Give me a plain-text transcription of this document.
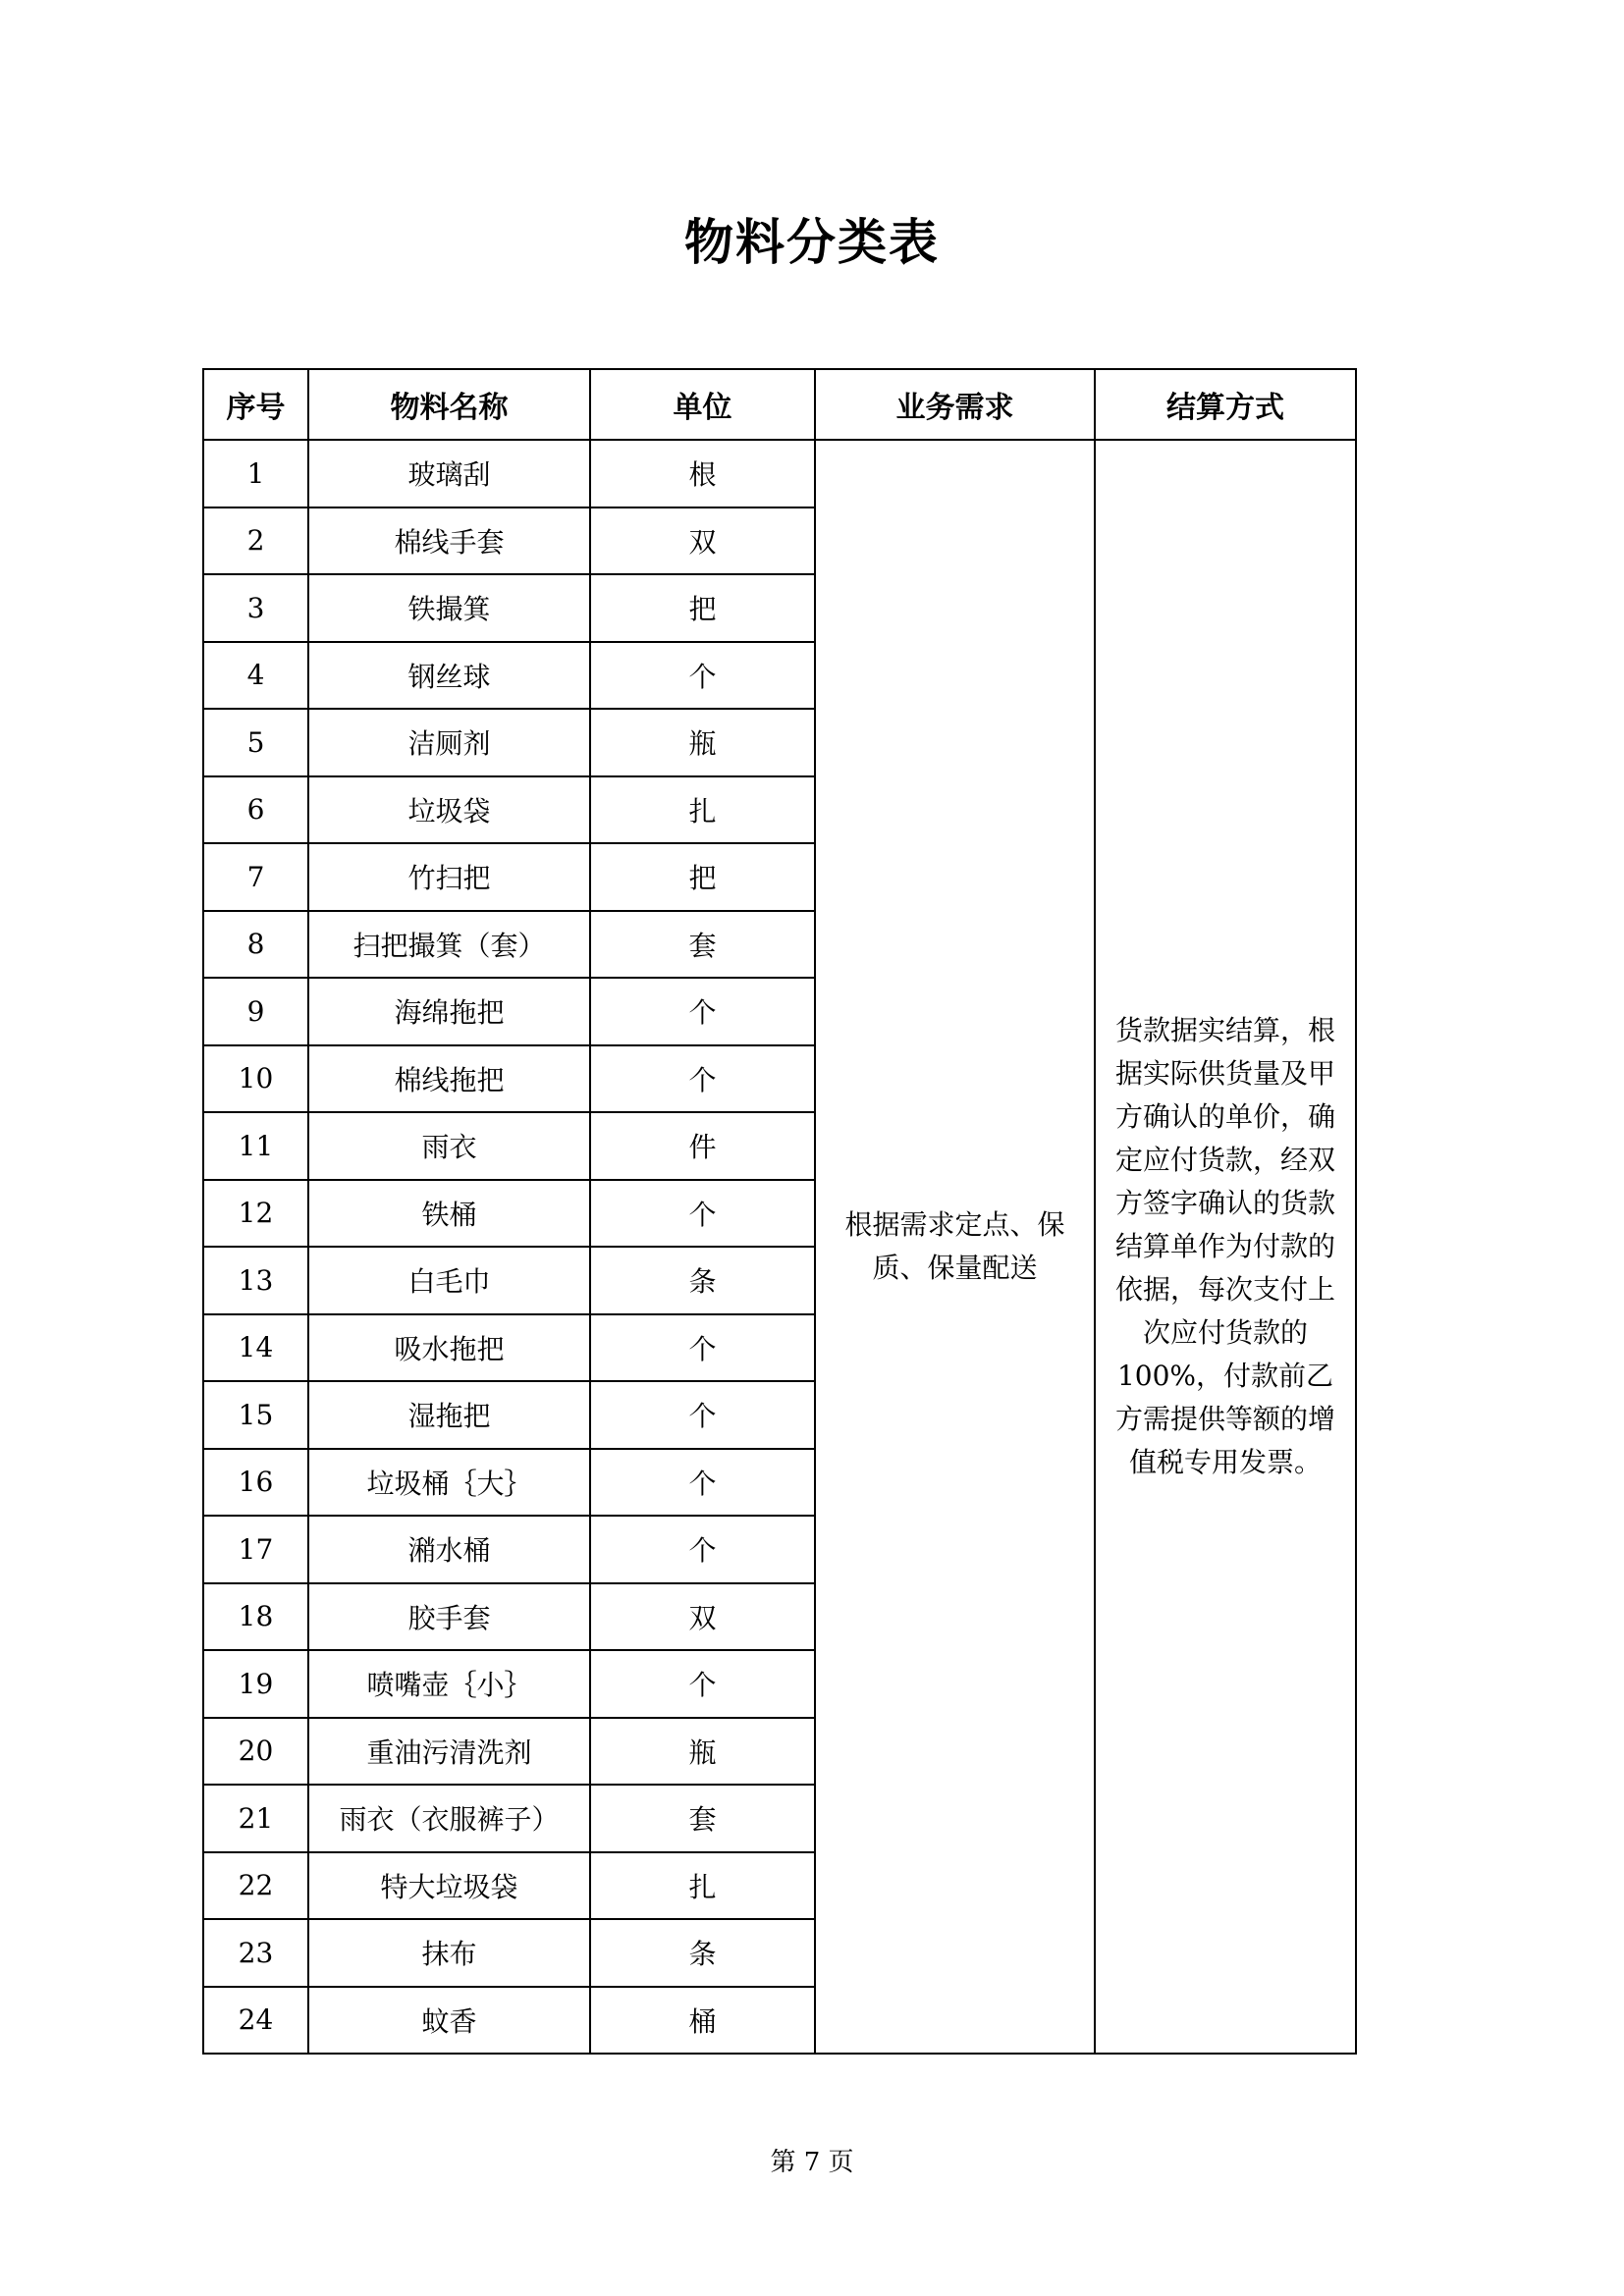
物料分类表
序号	物料名称	单位	业务需求	结算方式
1	玻璃刮	根	根据需求定点、保质、保量配送	货款据实结算，根据实际供货量及甲方确认的单价，确定应付货款，经双方签字确认的货款结算单作为付款的依据，每次支付上次应付货款的100%，付款前乙方需提供等额的增值税专用发票。
2	棉线手套	双		
3	铁撮箕	把		
4	钢丝球	个		
5	洁厕剂	瓶		
6	垃圾袋	扎		
7	竹扫把	把		
8	扫把撮箕（套）	套		
9	海绵拖把	个		
10	棉线拖把	个		
11	雨衣	件		
12	铁桶	个		
13	白毛巾	条		
14	吸水拖把	个		
15	湿拖把	个		
16	垃圾桶｛大｝	个		
17	潲水桶	个		
18	胶手套	双		
19	喷嘴壶｛小｝	个		
20	重油污清洗剂	瓶		
21	雨衣（衣服裤子）	套		
22	特大垃圾袋	扎		
23	抹布	条		
24	蚊香	桶		
第 7 页
